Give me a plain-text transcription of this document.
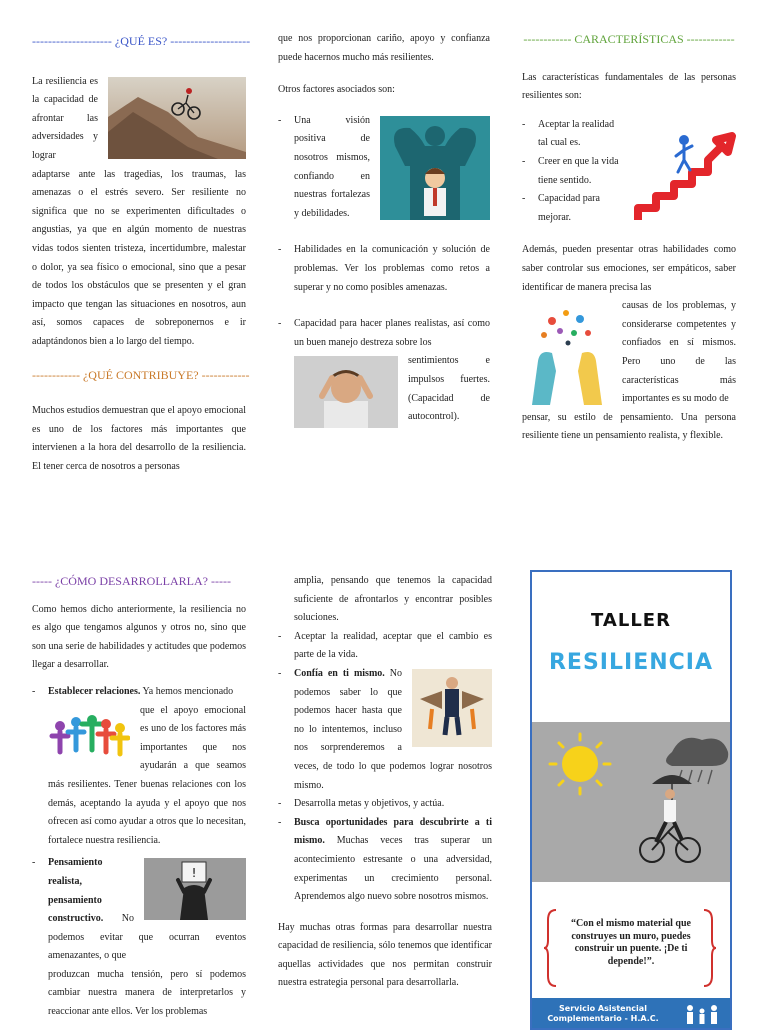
-------------------- ¿QUÉ ES? --------------------

La resiliencia es la capacidad de afrontar las adversidades y lograr

adaptarse ante las tragedias, los traumas, las amenazas o el estrés severo. Ser resiliente no significa que no se experimenten dificultades o angustias, ya que en algún momento de nuestras vidas todos sienten tristeza, incertidumbre, malestar o dolor, ya sea físico o emocional, sino que a pesar de todos los obstáculos que se presenten y el gran impacto que tengan las situaciones en nosotros, aun así, somos capaces de sobreponernos e ir adaptándonos bien a lo largo del tiempo.

------------ ¿QUÉ CONTRIBUYE? ------------

Muchos estudios demuestran que el apoyo emocional es uno de los factores más importantes que intervienen a la hora del desarrollo de la resiliencia. El tener cerca de nosotros a personas

que nos proporcionan cariño, apoyo y confianza puede hacernos mucho más resilientes.

Otros factores asociados son:

- Una visión positiva de nosotros mismos, confiando en nuestras fortalezas y debilidades.

- Habilidades en la comunicación y solución de problemas. Ver los problemas como retos a superar y no como posibles amenazas.

- Capacidad para hacer planes realistas, así como un buen manejo destreza sobre los

sentimientos e impulsos fuertes. (Capacidad de autocontrol).

------------ CARACTERÍSTICAS ------------

Las características fundamentales de las personas resilientes son:

- Aceptar la realidad tal cual es.
- Creer en que la vida tiene sentido.
- Capacidad para mejorar.

Además, pueden presentar otras habilidades como saber controlar sus emociones, ser empáticos, saber identificar de manera precisa las

causas de los problemas, y considerarse competentes y confiados en sí mismos. Pero uno de las características más importantes es su modo de

pensar, su estilo de pensamiento. Una persona resiliente tiene un pensamiento realista, y flexible.

----- ¿CÓMO DESARROLLARLA? -----

Como hemos dicho anteriormente, la resiliencia no es algo que tengamos algunos y otros no, sino que son una serie de habilidades y actitudes que podemos llegar a desarrollar.

- Establecer relaciones. Ya hemos mencionado

que el apoyo emocional es uno de los factores más importantes que nos ayudarán a que seamos más resilientes. Tener buenas relaciones con los demás, aceptando la ayuda y el apoyo que nos ofrecen así como ayudar a otros que lo necesitan, fortalece nuestra resiliencia.

-
!

Pensamiento realista, pensamiento constructivo. No podemos evitar que ocurran eventos amenazantes, o que

produzcan mucha tensión, pero sí podemos cambiar nuestra manera de interpretarlos y reaccionar ante ellos. Ver los problemas

amplia, pensando que tenemos la capacidad suficiente de afrontarlos y encontrar posibles soluciones.

- Aceptar la realidad, aceptar que el cambio es parte de la vida.

- Confía en ti mismo. No podemos saber lo que podemos hacer hasta que no lo intentemos, incluso nos sorprenderemos a veces, de todo lo que podemos lograr nosotros mismo.

- Desarrolla metas y objetivos, y actúa.

- Busca oportunidades para descubrirte a ti mismo. Muchas veces tras superar un acontecimiento estresante o una adversidad, experimentas un crecimiento personal. Aprendemos algo nuevo sobre nosotros mismos.

Hay muchas otras formas para desarrollar nuestra capacidad de resiliencia, sólo tenemos que identificar aquellas actividades que nos permitan construir nuestra estrategia personal para desarrollarla.

TALLER
RESILIENCIA
“Con el mismo material que construyes un muro, puedes construir un puente. ¡De ti depende!”.
Servicio Asistencial Complementario - H.A.C.
